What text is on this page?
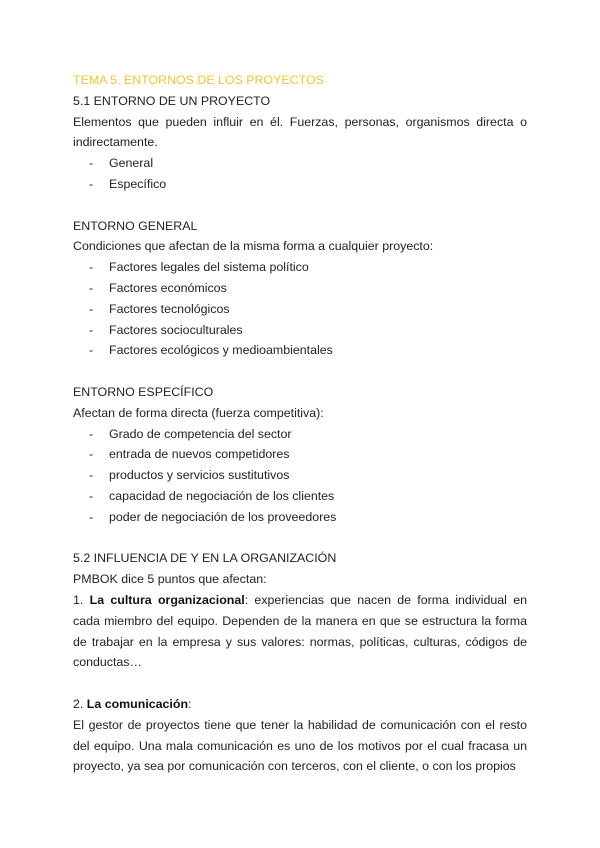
TEMA 5. ENTORNOS DE LOS PROYECTOS

5.1 ENTORNO DE UN PROYECTO

Elementos que pueden influir en él. Fuerzas, personas, organismos directa o indirectamente.

- General
- Específico

ENTORNO GENERAL

Condiciones que afectan de la misma forma a cualquier proyecto:

- Factores legales del sistema político
- Factores económicos
- Factores tecnológicos
- Factores socioculturales
- Factores ecológicos y medioambientales

ENTORNO ESPECÍFICO

Afectan de forma directa (fuerza competitiva):

- Grado de competencia del sector
- entrada de nuevos competidores
- productos y servicios sustitutivos
- capacidad de negociación de los clientes
- poder de negociación de los proveedores

5.2 INFLUENCIA DE Y EN LA ORGANIZACIÓN

PMBOK dice 5 puntos que afectan:

1. La cultura organizacional: experiencias que nacen de forma individual en cada miembro del equipo. Dependen de la manera en que se estructura la forma de trabajar en la empresa y sus valores: normas, políticas, culturas, códigos de conductas…

2. La comunicación:

El gestor de proyectos tiene que tener la habilidad de comunicación con el resto del equipo. Una mala comunicación es uno de los motivos por el cual fracasa un proyecto, ya sea por comunicación con terceros, con el cliente, o con los propios
